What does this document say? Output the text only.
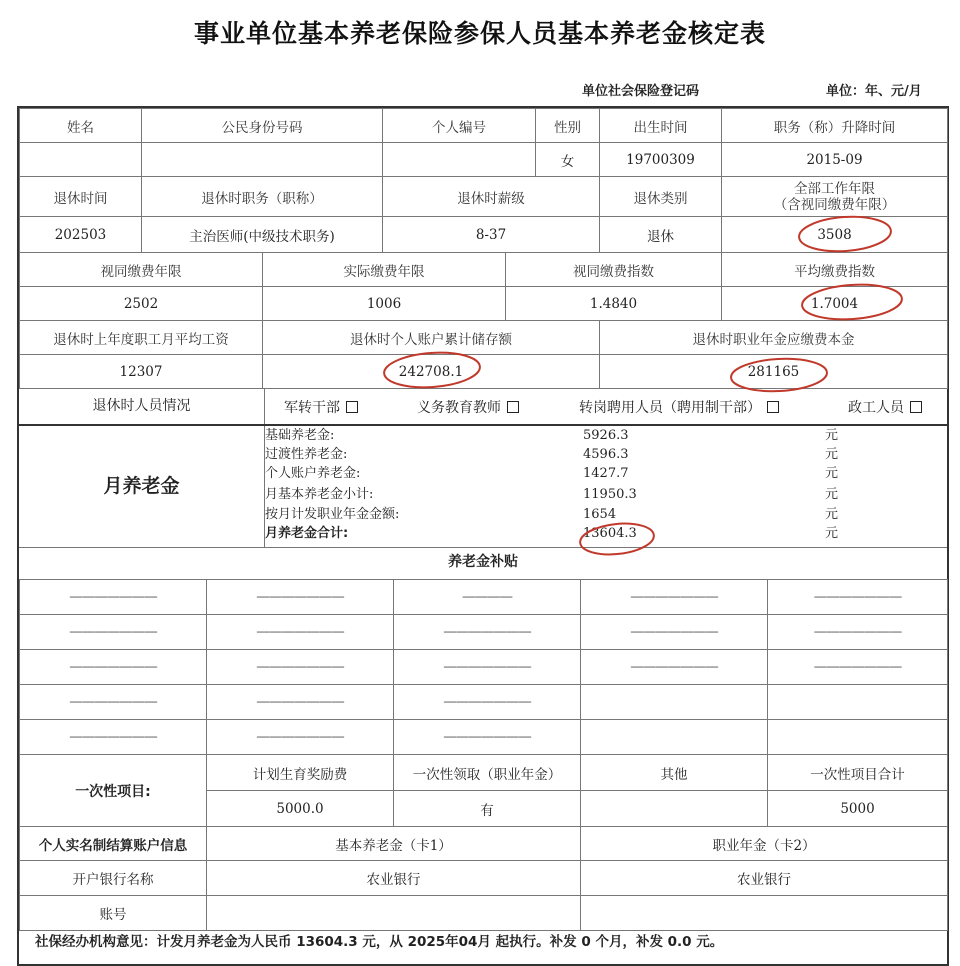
事业单位基本养老保险参保人员基本养老金核定表
单位社会保险登记码	单位：年、元/月
姓名	公民身份号码	个人编号	性别	出生时间	职务（称）升降时间
			女	19700309	2015-09
退休时间	退休时职务（职称）	退休时薪级	退休类别	全部工作年限
（含视同缴费年限）

202503	主治医师(中级技术职务)	8-37	退休	3508
视同缴费年限	实际缴费年限	视同缴费指数	平均缴费指数
2502	1006	1.4840	1.7004
退休时上年度职工月平均工资	退休时个人账户累计储存额	退休时职业年金应缴费本金
12307	242708.1	281165
退休时人员情况	军转干部	义务教育教师	转岗聘用人员（聘用制干部）	政工人员
月养老金
基础养老金:	5926.3	元
过渡性养老金:	4596.3	元
个人账户养老金:	1427.7	元
月基本养老金小计:	11950.3	元
按月计发职业年金金额:	1654	元
月养老金合计:	13604.3	元
养老金补贴
———————	———————	————	———————	———————
———————	———————	———————	———————	———————
———————	———————	———————	———————	———————
———————	———————	———————		
———————	———————	———————		
一次性项目:	计划生育奖励费	一次性领取（职业年金）	其他	一次性项目合计
	5000.0	有		5000
个人实名制结算账户信息	基本养老金（卡1）		职业年金（卡2）	
开户银行名称	农业银行		农业银行	
账号				
社保经办机构意见：计发月养老金为人民币 13604.3 元，从 2025年04月 起执行。补发 0 个月，补发 0.0 元。
